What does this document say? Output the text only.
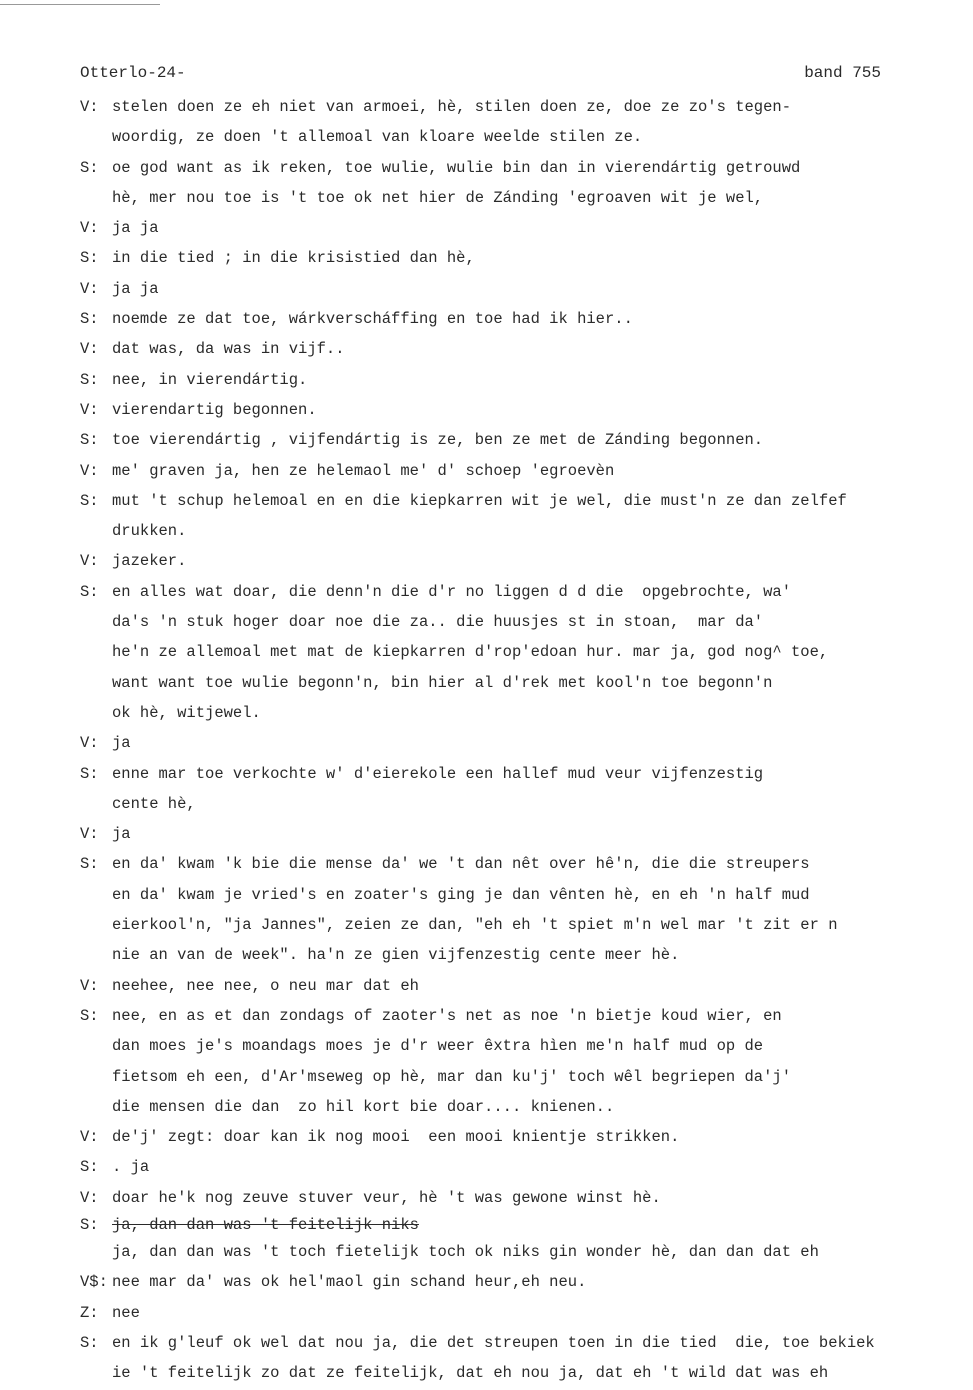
Otterlo-24-	band 755
V: stelen doen ze eh niet van armoei, hè, stilen doen ze, doe ze zo's tegen-
woordig, ze doen 't allemoal van kloare weelde stilen ze.
S: oe god want as ik reken, toe wulie, wulie bin dan in vierendártig getrouwd
hè, mer nou toe is 't toe ok net hier de Zánding 'egroaven wit je wel,
V: ja ja
S: in die tied ; in die krisistied dan hè,
V: ja ja
S: noemde ze dat toe, wárkverscháffing en toe had ik hier..
V: dat was, da was in vijf..
S: nee, in vierendártig.
V: vierendartig begonnen.
S: toe vierendártig , vijfendártig is ze, ben ze met de Zánding begonnen.
V: me' graven ja, hen ze helemaol me' d' schoep 'egroevèn
S: mut 't schup helemoal en en die kiepkarren wit je wel, die must'n ze dan zelfef
drukken.
V: jazeker.
S: en alles wat doar, die denn'n die d'r no liggen d d die  opgebrochte, wa'
da's 'n stuk hoger doar noe die za.. die huusjes st in stoan,  mar da'
he'n ze allemoal met mat de kiepkarren d'rop'edoan hur. mar ja, god nog^ toe,
want want toe wulie begonn'n, bin hier al d'rek met kool'n toe begonn'n
ok hè, witjewel.
V: ja
S: enne mar toe verkochte w' d'eierekole een hallef mud veur vijfenzestig
cente hè,
V: ja
S: en da' kwam 'k bie die mense da' we 't dan nêt over hê'n, die die streupers
en da' kwam je vried's en zoater's ging je dan vênten hè, en eh 'n half mud
eierkool'n, "ja Jannes", zeien ze dan, "eh eh 't spiet m'n wel mar 't zit er n
nie an van de week". ha'n ze gien vijfenzestig cente meer hè.
V: neehee, nee nee, o neu mar dat eh
S: nee, en as et dan zondags of zaoter's net as noe 'n bietje koud wier, en
dan moes je's moandags moes je d'r weer êxtra hìen me'n half mud op de
fietsom eh een, d'Ar'mseweg op hè, mar dan ku'j' toch wêl begriepen da'j'
die mensen die dan  zo hil kort bie doar.... knienen..
V: de'j' zegt: doar kan ik nog mooi  een mooi knientje strikken.
S: . ja
V: doar he'k nog zeuve stuver veur, hè 't was gewone winst hè.
S: ja, dan dan was 't feitelijk niks
ja, dan dan was 't toch fietelijk toch ok niks gin wonder hè, dan dan dat eh
V$: nee mar da' was ok hel'maol gin schand heur,eh neu.
Z: nee
S: en ik g'leuf ok wel dat nou ja, die det streupen toen in die tied  die, toe bekiek
ie 't feitelijk zo dat ze feitelijk, dat eh nou ja, dat eh 't wild dat was eh
